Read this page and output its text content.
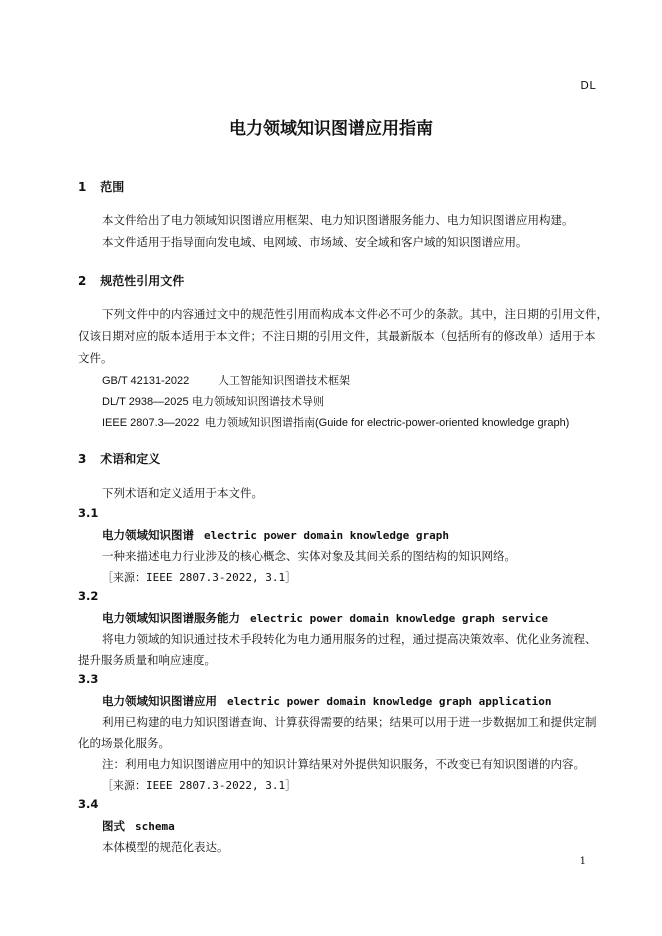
DL
电力领域知识图谱应用指南
1 范围
本文件给出了电力领域知识图谱应用框架、电力知识图谱服务能力、电力知识图谱应用构建。
本文件适用于指导面向发电域、电网域、市场域、安全域和客户域的知识图谱应用。
2 规范性引用文件
下列文件中的内容通过文中的规范性引用而构成本文件必不可少的条款。其中，注日期的引用文件，
仅该日期对应的版本适用于本文件；不注日期的引用文件，其最新版本（包括所有的修改单）适用于本
文件。
GB/T 42131-2022	人工智能知识图谱技术框架
DL/T 2938—2025 电力领域知识图谱技术导则
IEEE 2807.3—2022 电力领域知识图谱指南(Guide for electric-power-oriented knowledge graph)
3 术语和定义
下列术语和定义适用于本文件。
3.1
电力领域知识图谱 electric power domain knowledge graph
一种来描述电力行业涉及的核心概念、实体对象及其间关系的图结构的知识网络。
［来源：IEEE 2807.3-2022, 3.1］
3.2
电力领域知识图谱服务能力 electric power domain knowledge graph service
将电力领域的知识通过技术手段转化为电力通用服务的过程，通过提高决策效率、优化业务流程、
提升服务质量和响应速度。
3.3
电力领域知识图谱应用 electric power domain knowledge graph application
利用已构建的电力知识图谱查询、计算获得需要的结果；结果可以用于进一步数据加工和提供定制
化的场景化服务。
注：利用电力知识图谱应用中的知识计算结果对外提供知识服务，不改变已有知识图谱的内容。
［来源：IEEE 2807.3-2022, 3.1］
3.4
图式 schema
本体模型的规范化表达。
1
